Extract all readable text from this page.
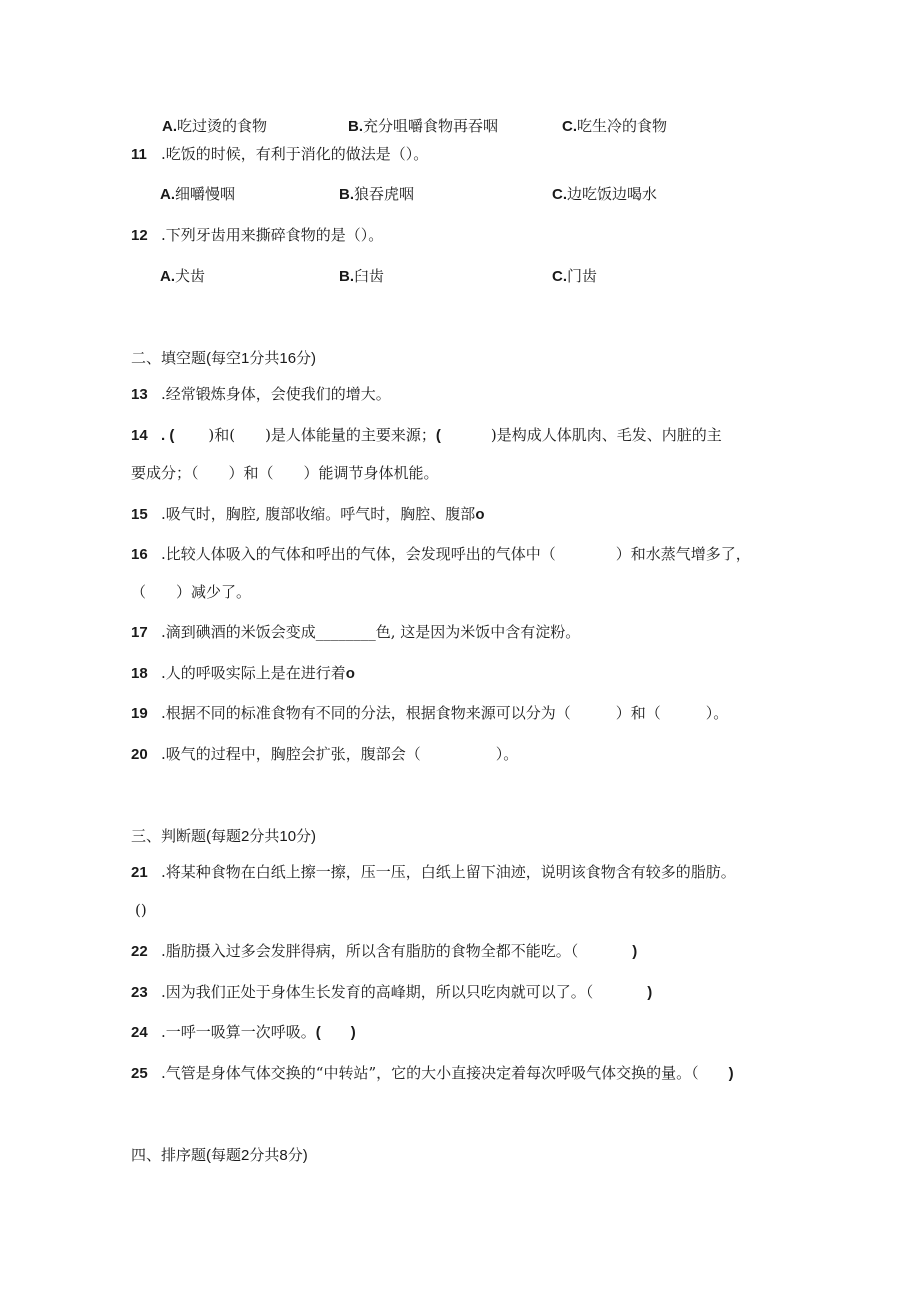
A.吃过烫的食物	B.充分咀嚼食物再吞咽	C.吃生冷的食物
11 .吃饭的时候，有利于消化的做法是（）。
A.细嚼慢咽	B.狼吞虎咽	C.边吃饭边喝水
12 .下列牙齿用来撕碎食物的是（）。
A.犬齿	B.臼齿	C.门齿
二、填空题(每空1分共16分)
13 .经常锻炼身体，会使我们的增大。
14 . ( )和( )是人体能量的主要来源；(	)是构成人体肌肉、毛发、内脏的主
要成分；（　　）和（　　）能调节身体机能。
15 .吸气时，胸腔, 腹部收缩。呼气时，胸腔、腹部o
16 .比较人体吸入的气体和呼出的气体，会发现呼出的气体中（　　　　）和水蒸气增多了，
（　　）减少了。
17 .滴到碘酒的米饭会变成________色, 这是因为米饭中含有淀粉。
18 .人的呼吸实际上是在进行着o
19 .根据不同的标准食物有不同的分法，根据食物来源可以分为（　　　）和（　　　）。
20 .吸气的过程中，胸腔会扩张，腹部会（　　　　　）。
三、判断题(每题2分共10分)
21 .将某种食物在白纸上擦一擦，压一压，白纸上留下油迹，说明该食物含有较多的脂肪。
()
22 .脂肪摄入过多会发胖得病，所以含有脂肪的食物全都不能吃。（	)
23 .因为我们正处于身体生长发育的高峰期，所以只吃肉就可以了。（	)
24 .一呼一吸算一次呼吸。(　　)
25 .气管是身体气体交换的“中转站”，它的大小直接决定着每次呼吸气体交换的量。（ )
四、排序题(每题2分共8分)
